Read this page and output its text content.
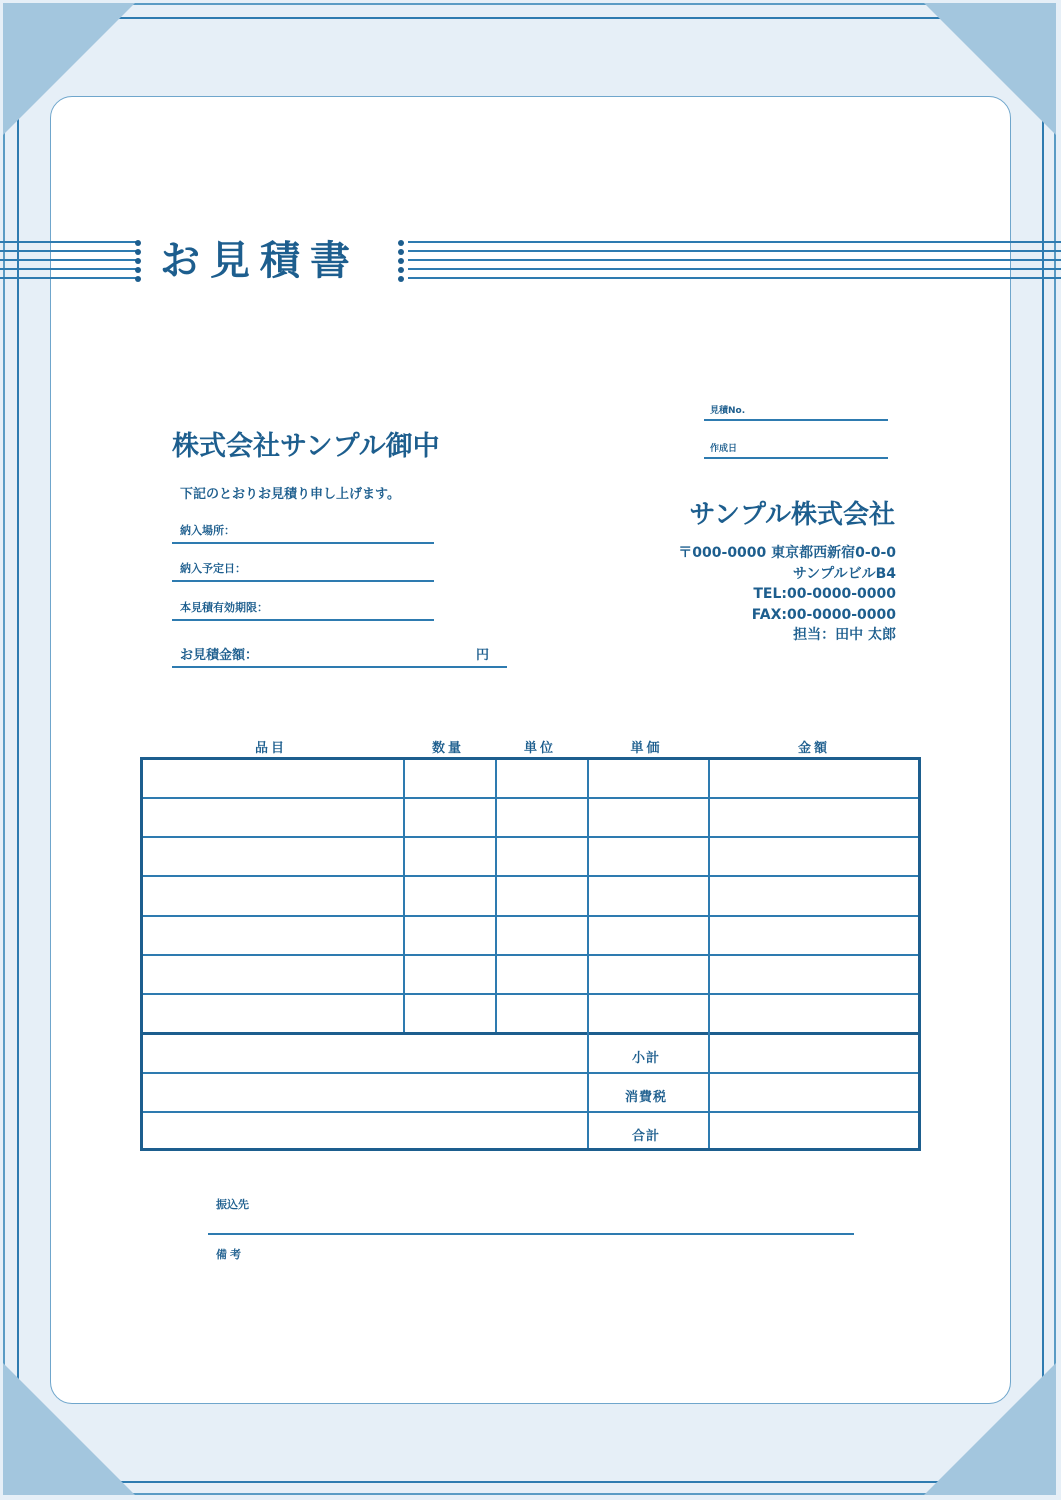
お見積書
株式会社サンプル御中
下記のとおりお見積り申し上げます。
納入場所：
納入予定日：
本見積有効期限：
お見積金額：	円
見積No.
作成日
サンプル株式会社
〒000-0000 東京都西新宿0-0-0
サンプルビルB4
TEL:00-0000-0000
FAX:00-0000-0000
担当：田中 太郎
品目	数量	単位	単価	金額
小計
消費税
合計
振込先
備考
